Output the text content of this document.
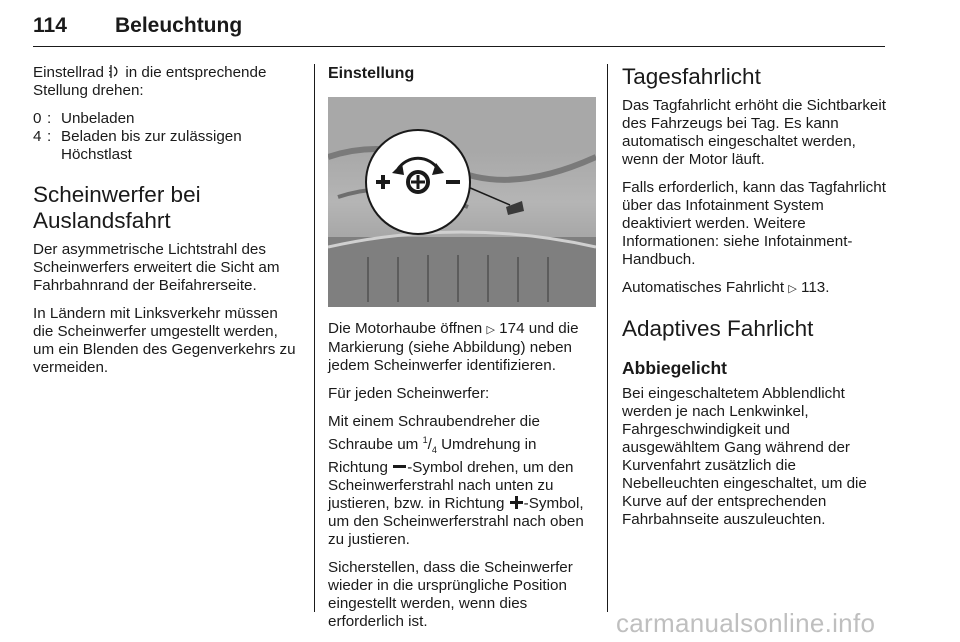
114 Beleuchtung

Einstellrad in die entsprechende Stellung drehen:

0 : Unbeladen
4 : Beladen bis zur zulässigen Höchstlast
Scheinwerfer bei Auslandsfahrt

Der asymmetrische Lichtstrahl des Scheinwerfers erweitert die Sicht am Fahrbahnrand der Beifahrerseite.

In Ländern mit Linksverkehr müssen die Scheinwerfer umgestellt werden, um ein Blenden des Gegenverkehrs zu vermeiden.

Einstellung

Die Motorhaube öffnen ▷ 174 und die Markierung (siehe Abbildung) neben jedem Scheinwerfer identifizieren.

Für jeden Scheinwerfer:

Mit einem Schraubendreher die Schraube um $^1/_4$ Umdrehung in Richtung -Symbol drehen, um den Scheinwerferstrahl nach unten zu justieren, bzw. in Richtung -Symbol, um den Scheinwerferstrahl nach oben zu justieren.

Sicherstellen, dass die Scheinwerfer wieder in die ursprüngliche Position eingestellt werden, wenn dies erforderlich ist.

Tagesfahrlicht

Das Tagfahrlicht erhöht die Sichtbarkeit des Fahrzeugs bei Tag. Es kann automatisch eingeschaltet werden, wenn der Motor läuft.

Falls erforderlich, kann das Tagfahrlicht über das Infotainment System deaktiviert werden. Weitere Informationen: siehe Infotainment-Handbuch.

Automatisches Fahrlicht ▷ 113.

Adaptives Fahrlicht
Abbiegelicht

Bei eingeschaltetem Abblendlicht werden je nach Lenkwinkel, Fahrgeschwindigkeit und ausgewähltem Gang während der Kurvenfahrt zusätzlich die Nebelleuchten eingeschaltet, um die Kurve auf der entsprechenden Fahrbahnseite auszuleuchten.

carmanualsonline.info
